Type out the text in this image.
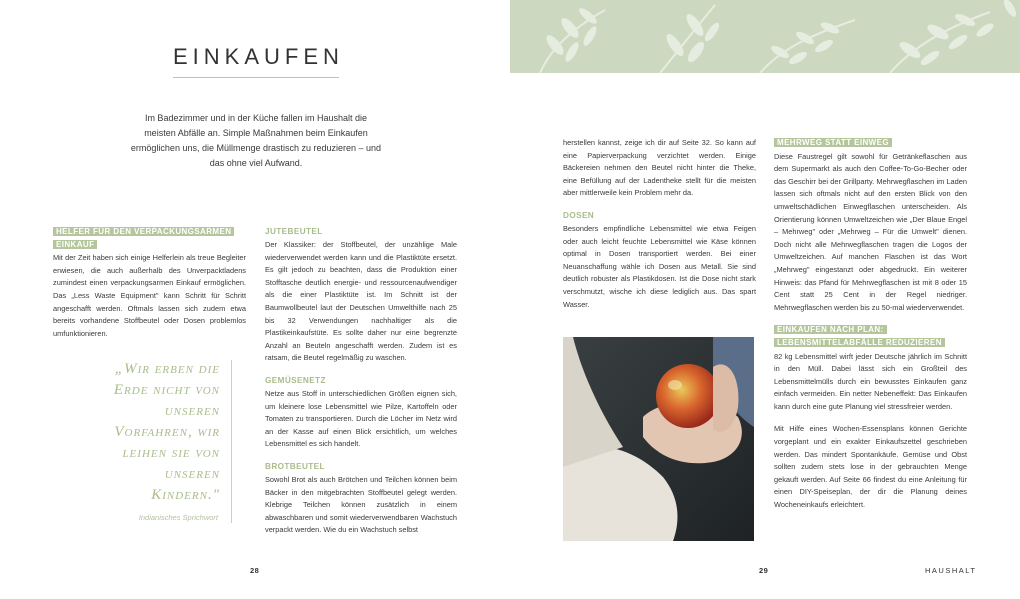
EINKAUFEN
Im Badezimmer und in der Küche fallen im Haushalt die meisten Abfälle an. Simple Maßnahmen beim Einkaufen ermöglichen uns, die Müllmenge drastisch zu reduzieren – und das ohne viel Aufwand.
HELFER FÜR DEN VERPACKUNGSARMEN
EINKAUF

Mit der Zeit haben sich einige Helferlein als treue Begleiter erwiesen, die auch außerhalb des Unverpacktladens zumindest einen verpackungsarmen Einkauf ermöglichen. Das „Less Waste Equipment" kann Schritt für Schritt angeschafft werden. Oftmals lassen sich zudem etwa bereits vorhandene Stoffbeutel oder Dosen problemlos umfunktionieren.

„Wir erben die Erde nicht von unseren Vorfahren, wir leihen sie von unseren Kindern."
Indianisches Sprichwort
JUTEBEUTEL

Der Klassiker: der Stoffbeutel, der unzählige Male wiederverwendet werden kann und die Plastiktüte ersetzt. Es gilt jedoch zu beachten, dass die Produktion einer Stofftasche deutlich energie- und ressourcenaufwendiger als die einer Plastiktüte ist. Im Schnitt ist der Baumwollbeutel laut der Deutschen Umwelthilfe nach 25 bis 32 Verwendungen nachhaltiger als die Plastikeinkaufstüte. Es sollte daher nur eine begrenzte Anzahl an Beuteln angeschafft werden. Zudem ist es ratsam, die Beutel regelmäßig zu waschen.

GEMÜSENETZ

Netze aus Stoff in unterschiedlichen Größen eignen sich, um kleinere lose Lebensmittel wie Pilze, Kartoffeln oder Tomaten zu transportieren. Durch die Löcher im Netz wird an der Kasse auf einen Blick ersichtlich, um welches Lebensmittel es sich handelt.

BROTBEUTEL

Sowohl Brot als auch Brötchen und Teilchen können beim Bäcker in den mitgebrachten Stoffbeutel gelegt werden. Klebrige Teilchen können zusätzlich in einem abwaschbaren und somit wiederverwendbaren Wachstuch verpackt werden. Wie du ein Wachstuch selbst

28

herstellen kannst, zeige ich dir auf Seite 32. So kann auf eine Papierverpackung verzichtet werden. Einige Bäckereien nehmen den Beutel nicht hinter die Theke, eine Befüllung auf der Ladentheke stellt für die meisten aber mittlerweile kein Problem mehr da.

DOSEN

Besonders empfindliche Lebensmittel wie etwa Feigen oder auch leicht feuchte Lebensmittel wie Käse können optimal in Dosen transportiert werden. Bei einer Neuanschaffung wähle ich Dosen aus Metall. Sie sind deutlich robuster als Plastikdosen. Ist die Dose nicht stark verschmutzt, wische ich diese lediglich aus. Das spart Wasser.

MEHRWEG STATT EINWEG

Diese Faustregel gilt sowohl für Getränkeflaschen aus dem Supermarkt als auch den Coffee-To-Go-Becher oder das Geschirr bei der Grillparty. Mehrwegflaschen im Laden lassen sich oftmals nicht auf den ersten Blick von den umweltschädlichen Einwegflaschen unterscheiden. Als Orientierung können Umweltzeichen wie „Der Blaue Engel – Mehrweg" oder „Mehrweg – Für die Umwelt" dienen. Doch nicht alle Mehrwegflaschen tragen die Logos der Umweltzeichen. Auf manchen Flaschen ist das Wort „Mehrweg" eingestanzt oder abgedruckt. Ein weiterer Hinweis: das Pfand für Mehrwegflaschen ist mit 8 oder 15 Cent statt 25 Cent in der Regel niedriger. Mehrwegflaschen werden bis zu 50-mal wiederverwendet.

EINKAUFEN NACH PLAN:
LEBENSMITTELABFÄLLE REDUZIEREN

82 kg Lebensmittel wirft jeder Deutsche jährlich im Schnitt in den Müll. Dabei lässt sich ein Großteil des Lebensmittelmülls durch ein bewusstes Einkaufen ganz einfach vermeiden. Ein netter Nebeneffekt: Das Einkaufen kann durch eine gute Planung viel stressfreier werden.

Mit Hilfe eines Wochen-Essensplans können Gerichte vorgeplant und ein exakter Einkaufszettel geschrieben werden. Das mindert Spontankäufe. Gemüse und Obst sollten zudem stets lose in der gebrauchten Menge gekauft werden. Auf Seite 66 findest du eine Anleitung für einen DIY-Speiseplan, der dir die Planung deines Wocheneinkaufs erleichtert.

29	HAUSHALT
